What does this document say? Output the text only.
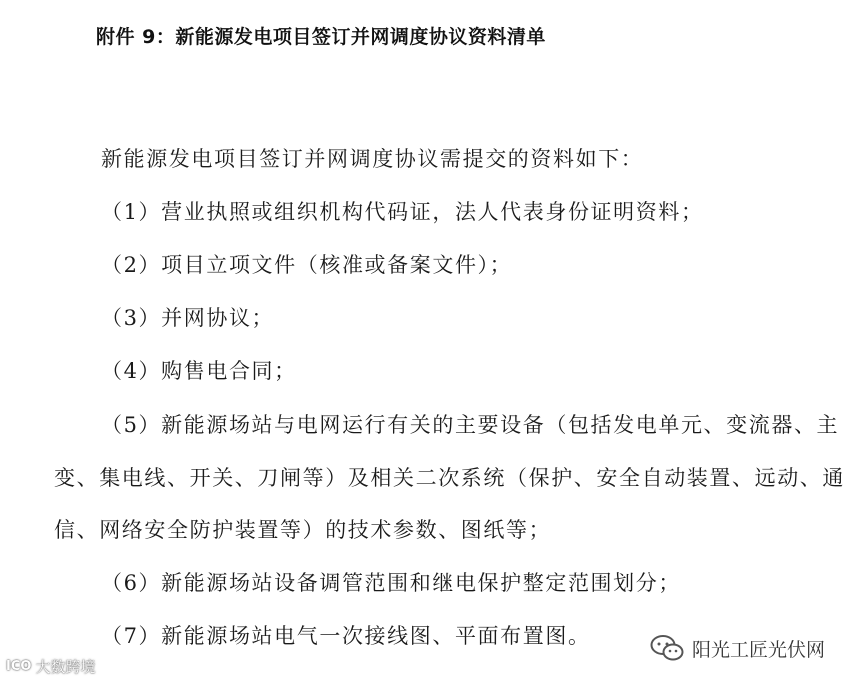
附件 9：新能源发电项目签订并网调度协议资料清单
新能源发电项目签订并网调度协议需提交的资料如下：
（1）营业执照或组织机构代码证，法人代表身份证明资料；
（2）项目立项文件（核准或备案文件）；
（3）并网协议；
（4）购售电合同；
（5）新能源场站与电网运行有关的主要设备（包括发电单元、变流器、主
变、集电线、开关、刀闸等）及相关二次系统（保护、安全自动装置、远动、通
信、网络安全防护装置等）的技术参数、图纸等；
（6）新能源场站设备调管范围和继电保护整定范围划分；
（7）新能源场站电气一次接线图、平面布置图。
ICO 大数跨境
阳光工匠光伏网
